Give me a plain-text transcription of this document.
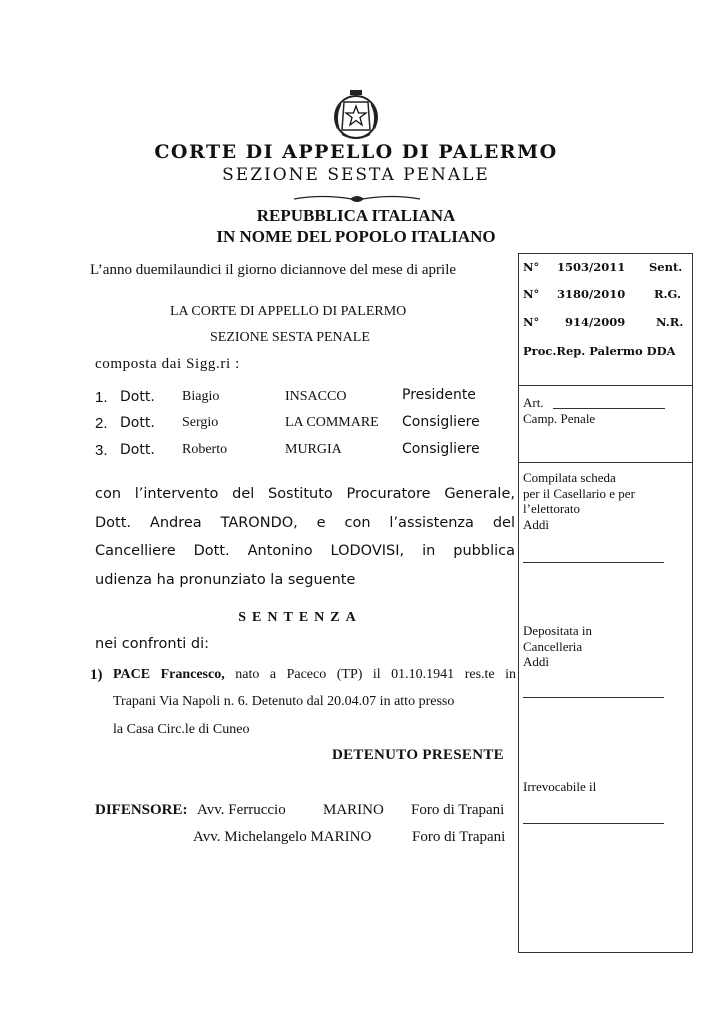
CORTE DI APPELLO DI PALERMO
SEZIONE SESTA PENALE
REPUBBLICA ITALIANA
IN NOME DEL POPOLO ITALIANO
L’anno duemilaundici il giorno diciannove del mese di aprile
LA CORTE DI APPELLO DI PALERMO
SEZIONE SESTA PENALE
composta dai Sigg.ri :
1. Dott. Biagio	INSACCO	Presidente
2. Dott. Sergio	LA COMMARE Consigliere
3. Dott. Roberto	MURGIA	Consigliere
con l’intervento del Sostituto Procuratore Generale,
Dott. Andrea TARONDO, e con l’assistenza del
Cancelliere Dott. Antonino LODOVISI, in pubblica
udienza ha pronunziato la seguente
SENTENZA
nei confronti di:
1) PACE Francesco, nato a Paceco (TP) il 01.10.1941 res.te in
Trapani Via Napoli n. 6. Detenuto dal 20.04.07 in atto presso
la Casa Circ.le di Cuneo
DETENUTO PRESENTE
DIFENSORE: Avv. Ferruccio MARINO Foro di Trapani
Avv. Michelangelo MARINO	Foro di Trapani
N° 1503/2011 Sent.
N° 3180/2010	R.G.
N° 914/2009	N.R.
Proc.Rep. Palermo DDA
Art.
Camp. Penale
Compilata scheda
per il Casellario e per
l’elettorato
Addì
Depositata in
Cancelleria
Addì
Irrevocabile il
